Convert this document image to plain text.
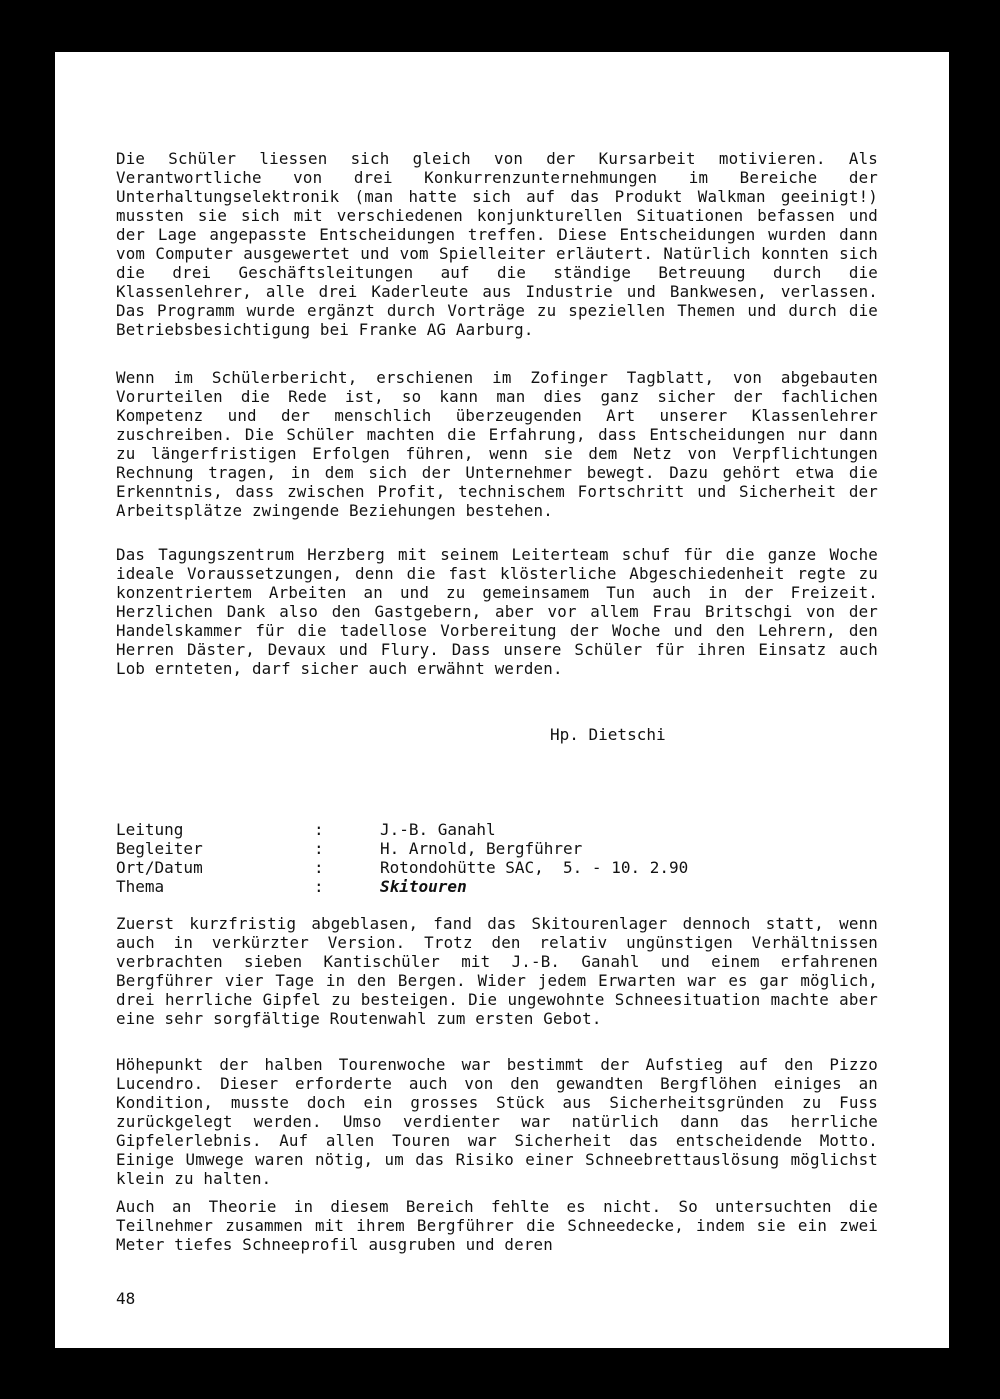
Die Schüler liessen sich gleich von der Kursarbeit motivieren. Als Verantwortliche von drei Konkurrenzunternehmungen im Bereiche der Unterhaltungselektronik (man hatte sich auf das Produkt Walkman geeinigt!) mussten sie sich mit verschiedenen konjunkturellen Situationen befassen und der Lage angepasste Entscheidungen treffen. Diese Entscheidungen wurden dann vom Computer ausgewertet und vom Spielleiter erläutert. Natürlich konnten sich die drei Geschäftsleitungen auf die ständige Betreuung durch die Klassenlehrer, alle drei Kaderleute aus Industrie und Bankwesen, verlassen. Das Programm wurde ergänzt durch Vorträge zu speziellen Themen und durch die Betriebsbesichtigung bei Franke AG Aarburg.

Wenn im Schülerbericht, erschienen im Zofinger Tagblatt, von abgebauten Vorurteilen die Rede ist, so kann man dies ganz sicher der fachlichen Kompetenz und der menschlich überzeugenden Art unserer Klassenlehrer zuschreiben. Die Schüler machten die Erfahrung, dass Entscheidungen nur dann zu längerfristigen Erfolgen führen, wenn sie dem Netz von Verpflichtungen Rechnung tragen, in dem sich der Unternehmer bewegt. Dazu gehört etwa die Erkenntnis, dass zwischen Profit, technischem Fortschritt und Sicherheit der Arbeitsplätze zwingende Beziehungen bestehen.

Das Tagungszentrum Herzberg mit seinem Leiterteam schuf für die ganze Woche ideale Voraussetzungen, denn die fast klösterliche Abgeschiedenheit regte zu konzentriertem Arbeiten an und zu gemeinsamem Tun auch in der Freizeit. Herzlichen Dank also den Gastgebern, aber vor allem Frau Britschgi von der Handelskammer für die tadellose Vorbereitung der Woche und den Lehrern, den Herren Däster, Devaux und Flury. Dass unsere Schüler für ihren Einsatz auch Lob ernteten, darf sicher auch erwähnt werden.

Hp. Dietschi
Leitung	:	J.-B. Ganahl
Begleiter	:	H. Arnold, Bergführer
Ort/Datum	:	Rotondohütte SAC,  5. - 10. 2.90
Thema	:	Skitouren

Zuerst kurzfristig abgeblasen, fand das Skitourenlager dennoch statt, wenn auch in verkürzter Version. Trotz den relativ ungünstigen Verhältnissen verbrachten sieben Kantischüler mit J.-B. Ganahl und einem erfahrenen Bergführer vier Tage in den Bergen. Wider jedem Erwarten war es gar möglich, drei herrliche Gipfel zu besteigen. Die ungewohnte Schneesituation machte aber eine sehr sorgfältige Routenwahl zum ersten Gebot.

Höhepunkt der halben Tourenwoche war bestimmt der Aufstieg auf den Pizzo Lucendro. Dieser erforderte auch von den gewandten Bergflöhen einiges an Kondition, musste doch ein grosses Stück aus Sicherheitsgründen zu Fuss zurückgelegt werden. Umso verdienter war natürlich dann das herrliche Gipfelerlebnis. Auf allen Touren war Sicherheit das entscheidende Motto. Einige Umwege waren nötig, um das Risiko einer Schneebrettauslösung möglichst klein zu halten.

Auch an Theorie in diesem Bereich fehlte es nicht. So untersuchten die Teilnehmer zusammen mit ihrem Bergführer die Schneedecke, indem sie ein zwei Meter tiefes Schneeprofil ausgruben und deren

48
